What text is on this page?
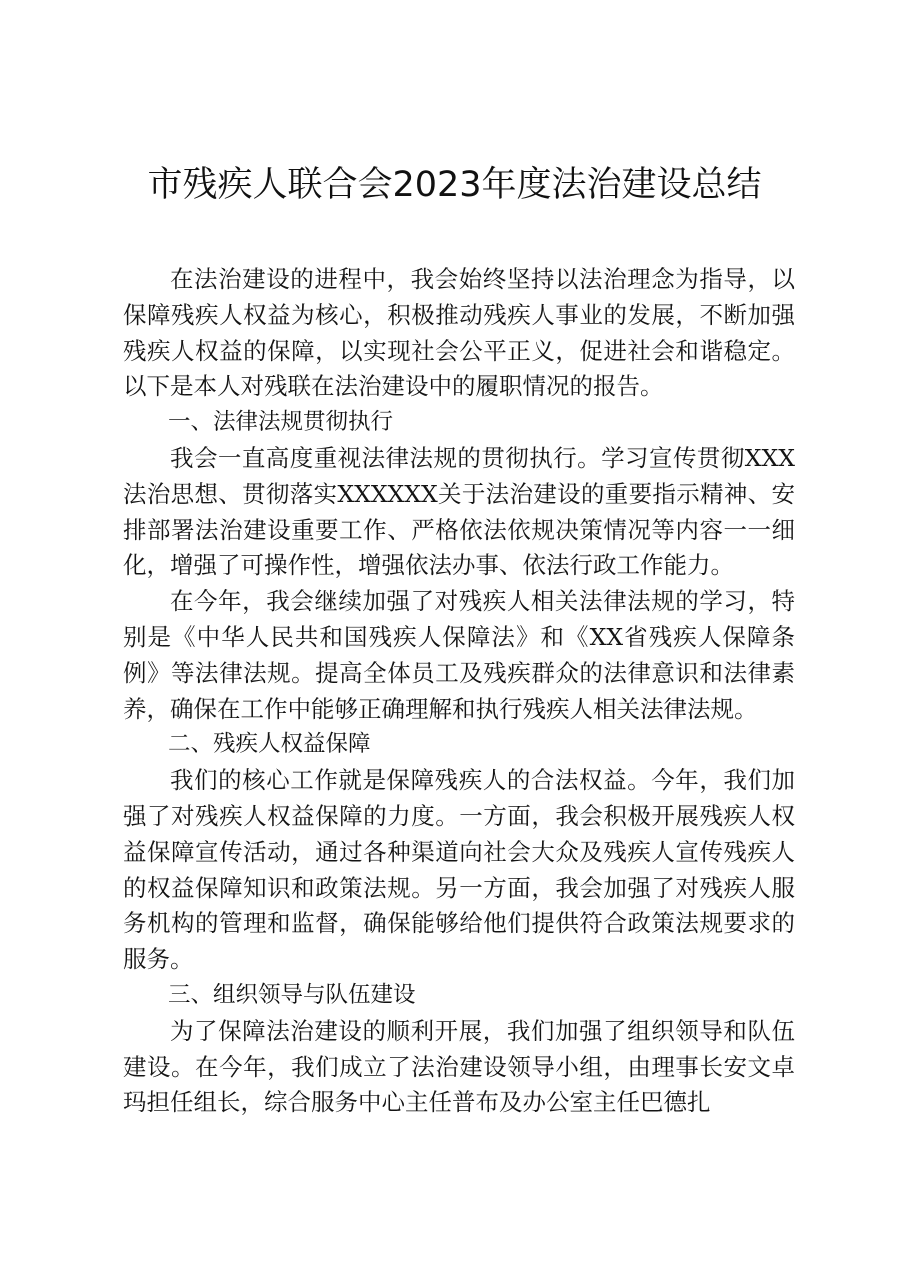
市残疾人联合会2023年度法治建设总结

在法治建设的进程中，我会始终坚持以法治理念为指导，以保障残疾人权益为核心，积极推动残疾人事业的发展，不断加强残疾人权益的保障，以实现社会公平正义，促进社会和谐稳定。以下是本人对残联在法治建设中的履职情况的报告。

一、法律法规贯彻执行

我会一直高度重视法律法规的贯彻执行。学习宣传贯彻XXX法治思想、贯彻落实XXXXXX关于法治建设的重要指示精神、安排部署法治建设重要工作、严格依法依规决策情况等内容一一细化，增强了可操作性，增强依法办事、依法行政工作能力。

在今年，我会继续加强了对残疾人相关法律法规的学习，特别是《中华人民共和国残疾人保障法》和《XX省残疾人保障条例》等法律法规。提高全体员工及残疾群众的法律意识和法律素养，确保在工作中能够正确理解和执行残疾人相关法律法规。

二、残疾人权益保障

我们的核心工作就是保障残疾人的合法权益。今年，我们加强了对残疾人权益保障的力度。一方面，我会积极开展残疾人权益保障宣传活动，通过各种渠道向社会大众及残疾人宣传残疾人的权益保障知识和政策法规。另一方面，我会加强了对残疾人服务机构的管理和监督，确保能够给他们提供符合政策法规要求的服务。

三、组织领导与队伍建设

为了保障法治建设的顺利开展，我们加强了组织领导和队伍建设。在今年，我们成立了法治建设领导小组，由理事长安文卓玛担任组长，综合服务中心主任普布及办公室主任巴德扎
